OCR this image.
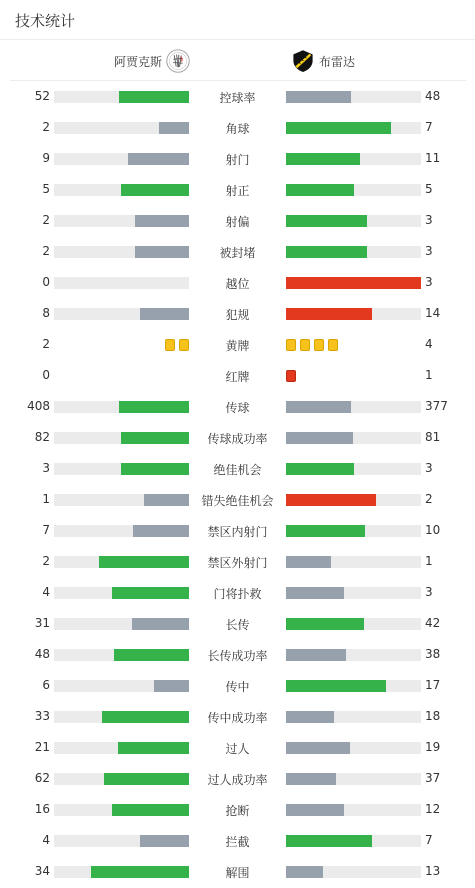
技术统计
阿贾克斯	布雷达
52	控球率	48
2	角球	7
9	射门	11
5	射正	5
2	射偏	3
2	被封堵	3
0	越位	3
8	犯规	14
2	黄牌	4
0	红牌	1
408	传球	377
82	传球成功率	81
3	绝佳机会	3
1	错失绝佳机会	2
7	禁区内射门	10
2	禁区外射门	1
4	门将扑救	3
31	长传	42
48	长传成功率	38
6	传中	17
33	传中成功率	18
21	过人	19
62	过人成功率	37
16	抢断	12
4	拦截	7
34	解围	13
